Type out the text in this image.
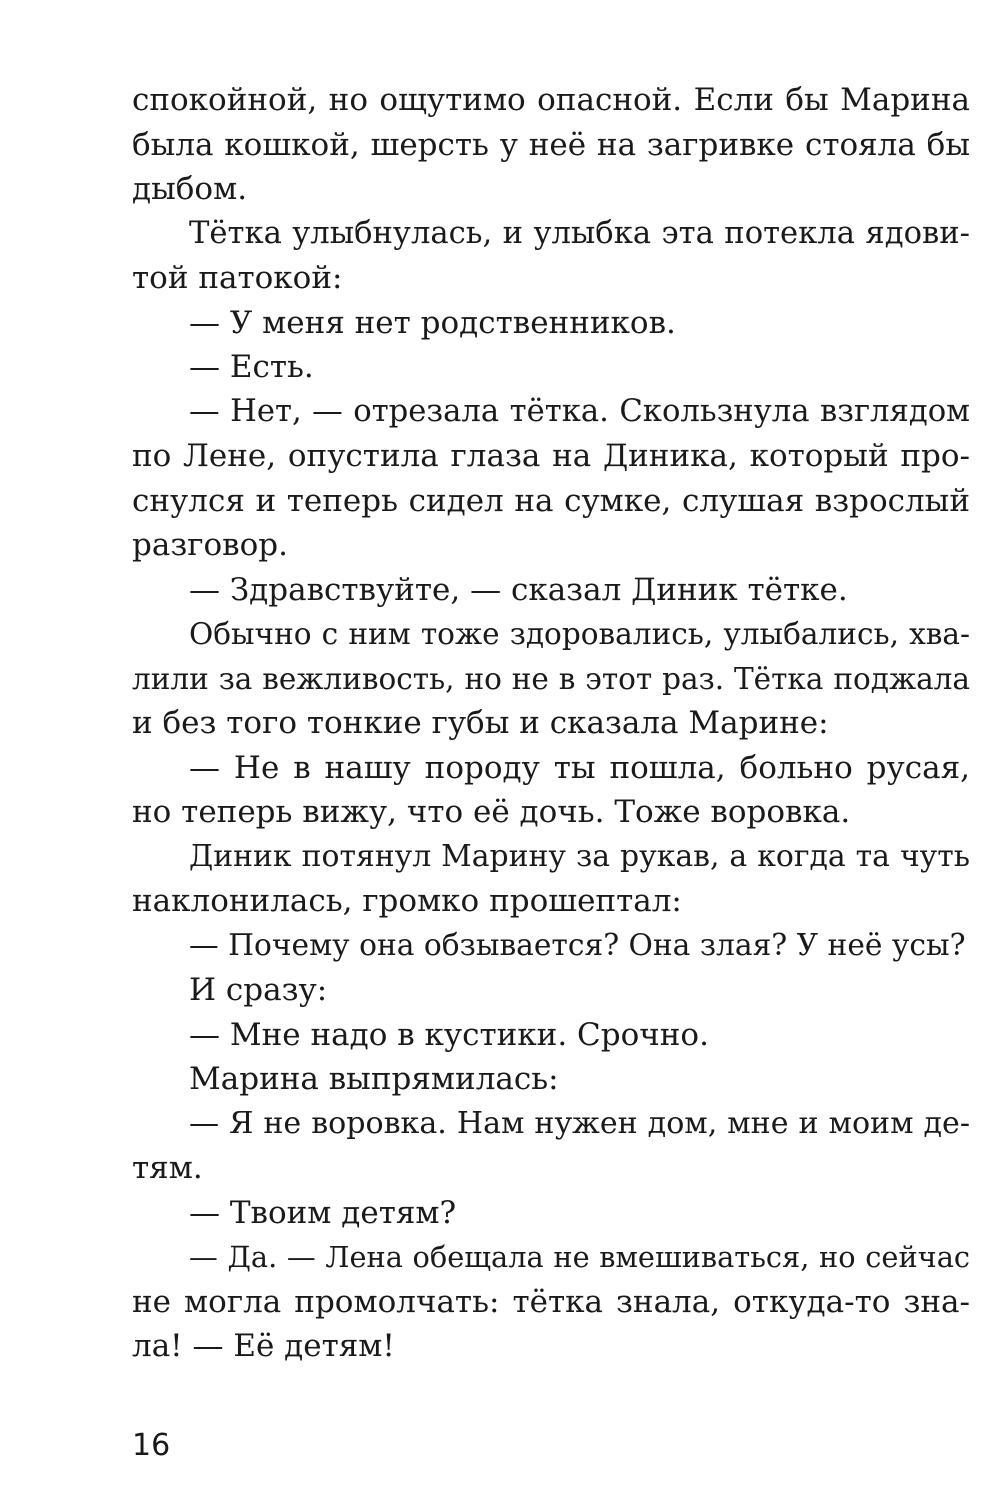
спокойной, но ощутимо опасной. Если бы Марина
была кошкой, шерсть у неё на загривке стояла бы
дыбом.
Тётка улыбнулась, и улыбка эта потекла ядови-
той патокой:
— У меня нет родственников.
— Есть.
— Нет, — отрезала тётка. Скользнула взглядом
по Лене, опустила глаза на Диника, который про-
снулся и теперь сидел на сумке, слушая взрослый
разговор.
— Здравствуйте, — сказал Диник тётке.
Обычно с ним тоже здоровались, улыбались, хва-
лили за вежливость, но не в этот раз. Тётка поджала
и без того тонкие губы и сказала Марине:
— Не в нашу породу ты пошла, больно русая,
но теперь вижу, что её дочь. Тоже воровка.
Диник потянул Марину за рукав, а когда та чуть
наклонилась, громко прошептал:
— Почему она обзывается? Она злая? У неё усы?
И сразу:
— Мне надо в кустики. Срочно.
Марина выпрямилась:
— Я не воровка. Нам нужен дом, мне и моим де-
тям.
— Твоим детям?
— Да. — Лена обещала не вмешиваться, но сейчас
не могла промолчать: тётка знала, откуда-то зна-
ла! — Её детям!
16
